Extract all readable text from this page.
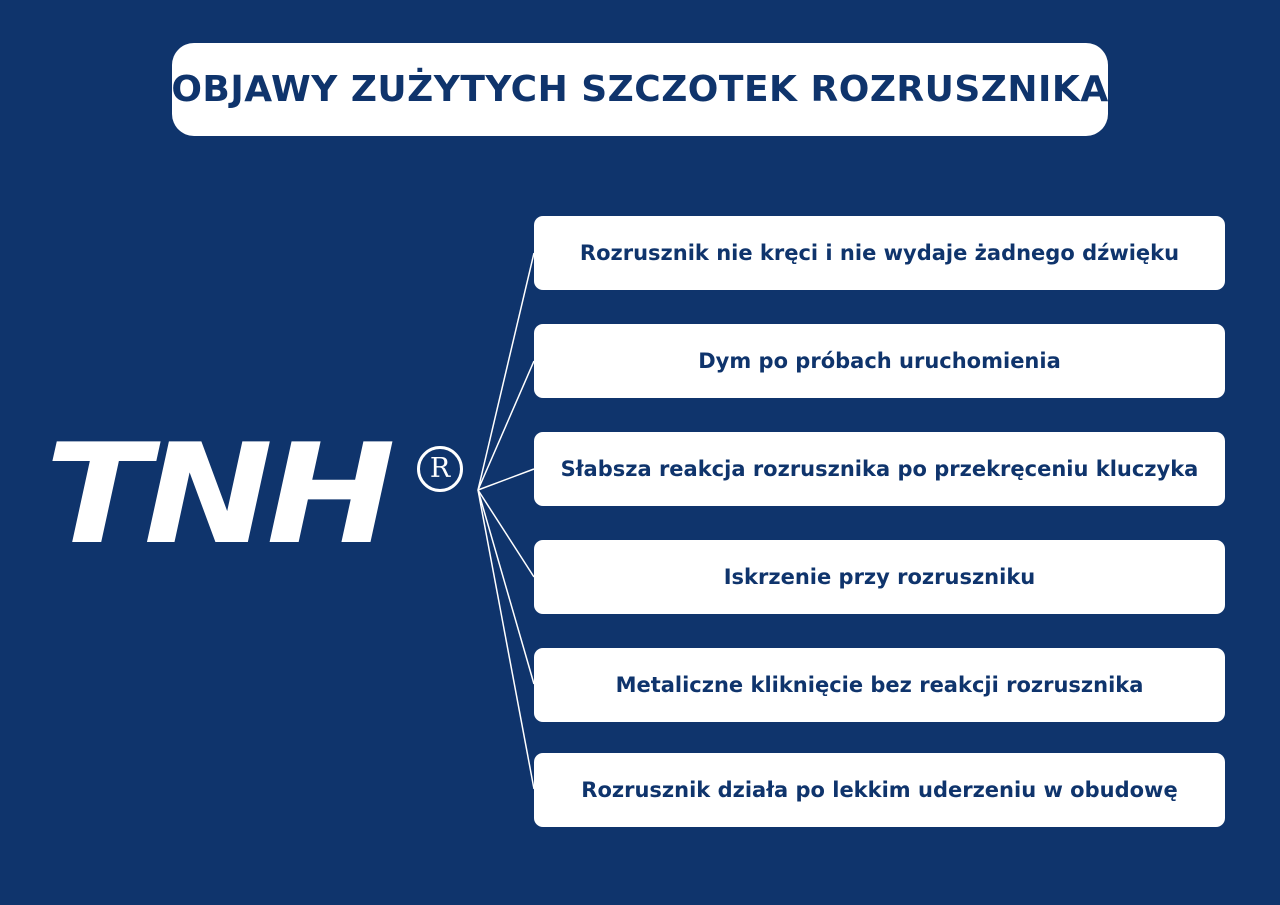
OBJAWY ZUŻYTYCH SZCZOTEK ROZRUSZNIKA
TNH	R
Rozrusznik nie kręci i nie wydaje żadnego dźwięku
Dym po próbach uruchomienia
Słabsza reakcja rozrusznika po przekręceniu kluczyka
Iskrzenie przy rozruszniku
Metaliczne kliknięcie bez reakcji rozrusznika
Rozrusznik działa po lekkim uderzeniu w obudowę
